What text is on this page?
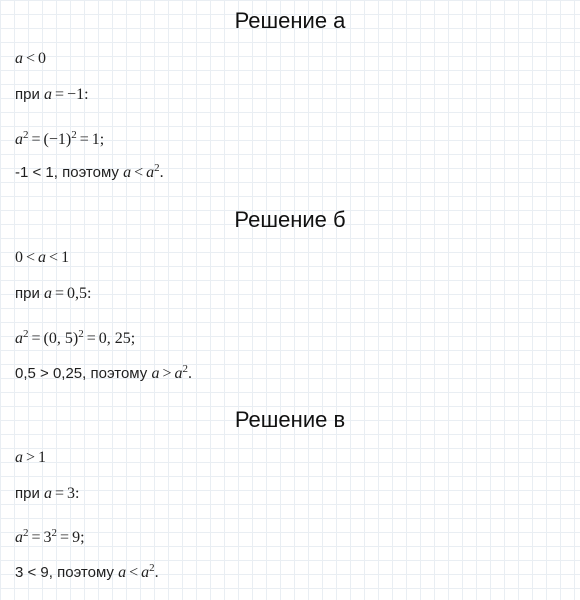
Решение а
a < 0
при a = −1:
$a^2 = (-1)^2 = 1$;
-1 < 1, поэтому $a < a^2$.
Решение б
0 < a < 1
при a = 0,5:
$a^2 = (0$, 5)$^2$ = 0, 25;
0,5 > 0,25, поэтому $a > a^2$.
Решение в
a > 1
при a = 3:
$a^2 = 3^2 = 9$;
3 < 9, поэтому $a < a^2$.
